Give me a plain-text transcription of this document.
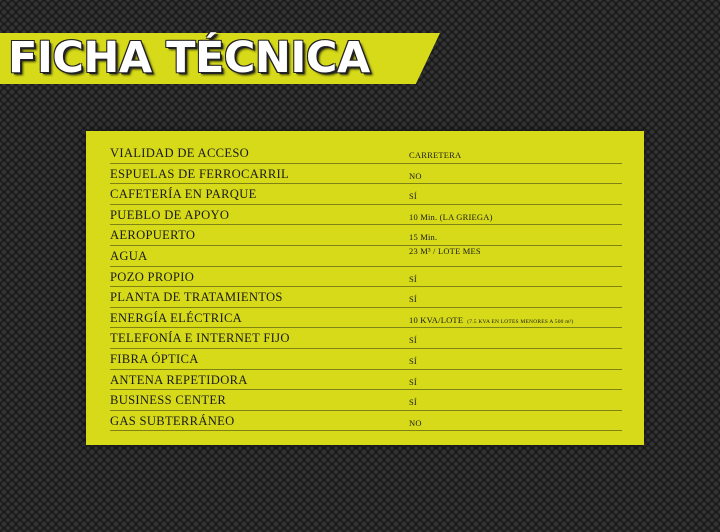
FICHA TÉCNICA
VIALIDAD DE ACCESO	CARRETERA
ESPUELAS DE FERROCARRIL	NO
CAFETERÍA EN PARQUE	SÍ
PUEBLO DE APOYO	10 Min. (LA GRIEGA)
AEROPUERTO	15 Min.
AGUA	23 M³ / LOTE MES
POZO PROPIO	SÍ
PLANTA DE TRATAMIENTOS	SÍ
ENERGÍA ELÉCTRICA	10 KVA/LOTE (7.5 KVA EN LOTES MENORES A 500 m²)
TELEFONÍA E INTERNET FIJO	SÍ
FIBRA ÓPTICA	SÍ
ANTENA REPETIDORA	SÍ
BUSINESS CENTER	SÍ
GAS SUBTERRÁNEO	NO
